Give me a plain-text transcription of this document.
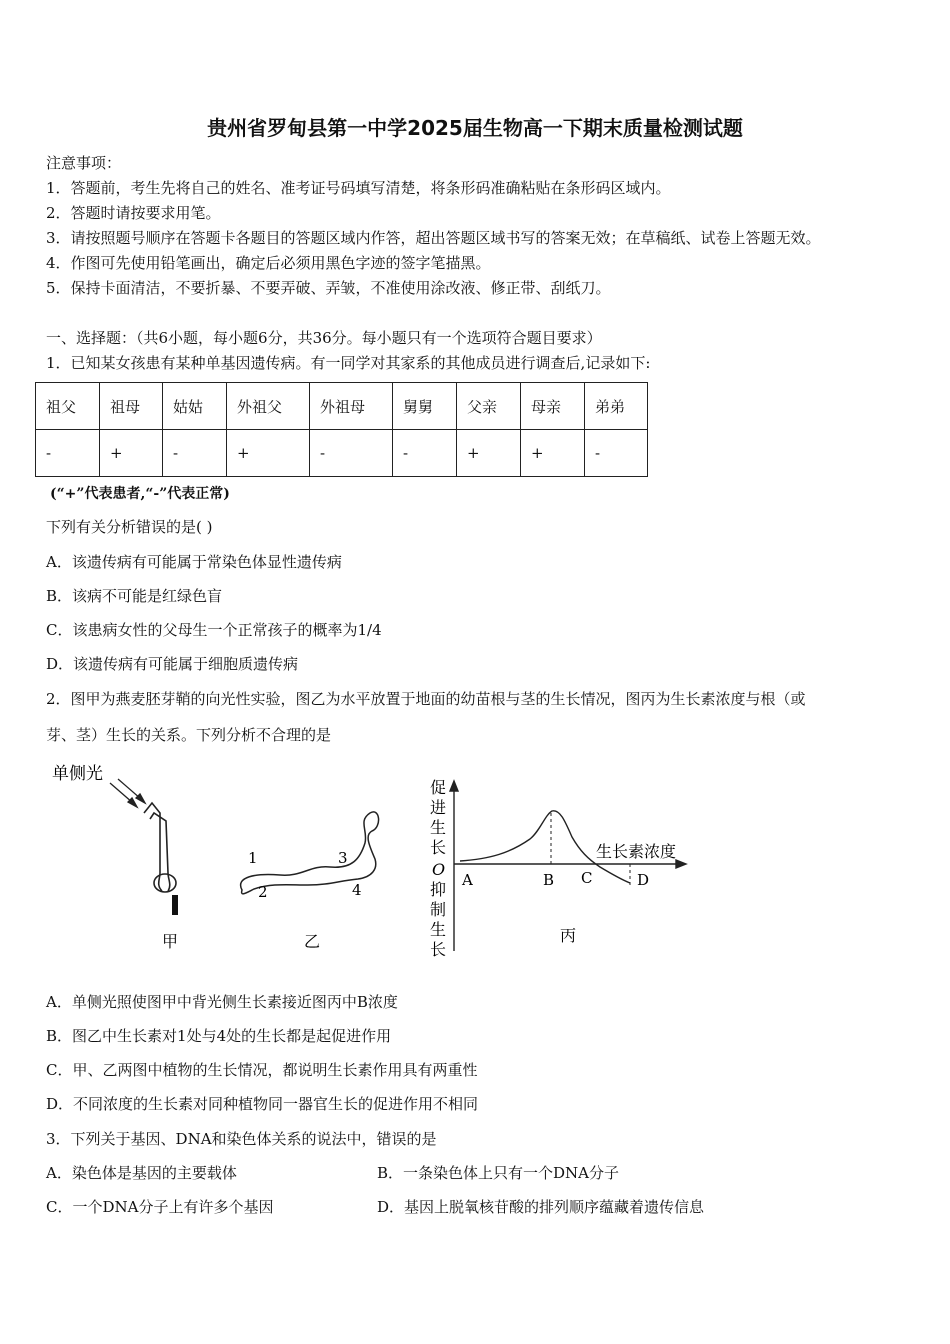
贵州省罗甸县第一中学2025届生物高一下期末质量检测试题
注意事项：
1．答题前，考生先将自己的姓名、准考证号码填写清楚，将条形码准确粘贴在条形码区域内。
2．答题时请按要求用笔。
3．请按照题号顺序在答题卡各题目的答题区域内作答，超出答题区域书写的答案无效；在草稿纸、试卷上答题无效。
4．作图可先使用铅笔画出，确定后必须用黑色字迹的签字笔描黑。
5．保持卡面清洁，不要折暴、不要弄破、弄皱，不准使用涂改液、修正带、刮纸刀。
一、选择题：（共6小题，每小题6分，共36分。每小题只有一个选项符合题目要求）
1．已知某女孩患有某种单基因遗传病。有一同学对其家系的其他成员进行调查后,记录如下:
祖父	祖母	姑姑	外祖父	外祖母	舅舅	父亲	母亲	弟弟
-	+	-	+	-	-	+	+	-
(“+”代表患者,“-”代表正常)
下列有关分析错误的是( )
A．该遗传病有可能属于常染色体显性遗传病
B．该病不可能是红绿色盲
C．该患病女性的父母生一个正常孩子的概率为1/4
D．该遗传病有可能属于细胞质遗传病
2．图甲为燕麦胚芽鞘的向光性实验，图乙为水平放置于地面的幼苗根与茎的生长情况，图丙为生长素浓度与根（或
芽、茎）生长的关系。下列分析不合理的是
单侧光
甲
1
2
3
4
乙
促
进
生
长
O
抑
制
生
长
生长素浓度
A	B C	D
丙
A．单侧光照使图甲中背光侧生长素接近图丙中B浓度
B．图乙中生长素对1处与4处的生长都是起促进作用
C．甲、乙两图中植物的生长情况，都说明生长素作用具有两重性
D．不同浓度的生长素对同种植物同一器官生长的促进作用不相同
3．下列关于基因、DNA和染色体关系的说法中，错误的是
A．染色体是基因的主要载体	B．一条染色体上只有一个DNA分子
C．一个DNA分子上有许多个基因	D．基因上脱氧核苷酸的排列顺序蕴藏着遗传信息
